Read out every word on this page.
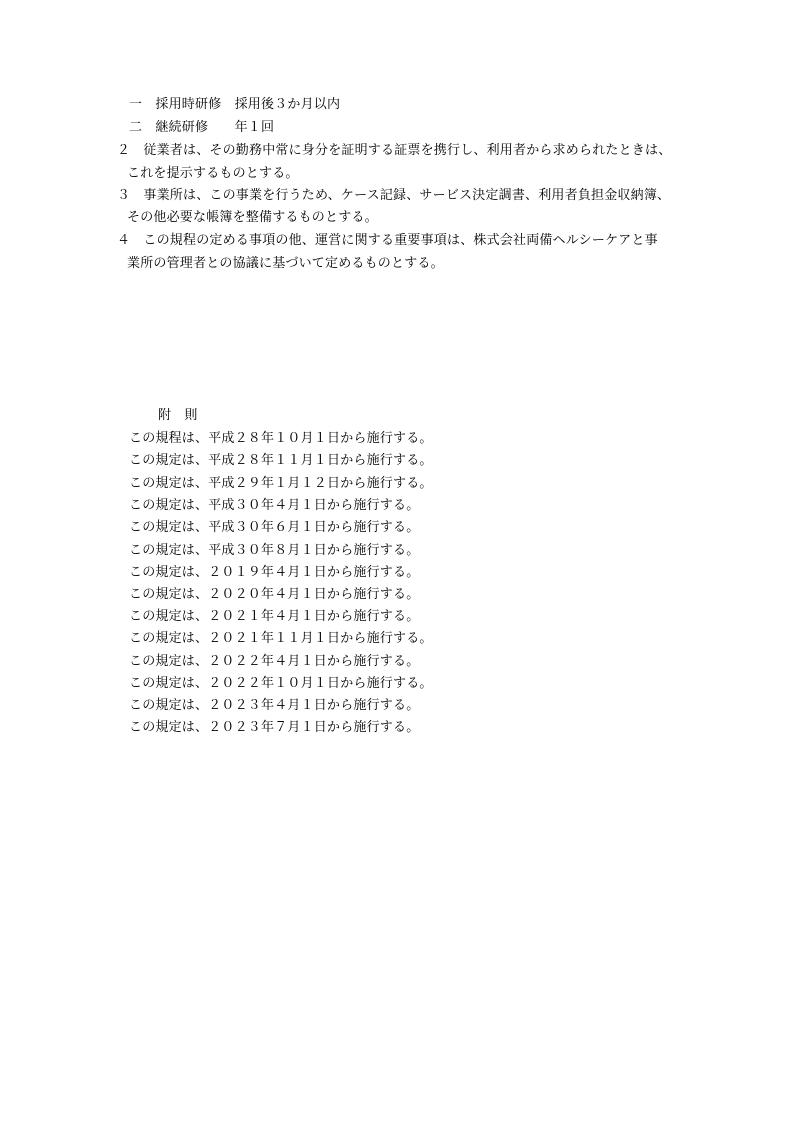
一　採用時研修　採用後３か月以内
二　継続研修　　年１回
２　従業者は、その勤務中常に身分を証明する証票を携行し、利用者から求められたときは、
これを提示するものとする。
３　事業所は、この事業を行うため、ケース記録、サービス決定調書、利用者負担金収納簿、
その他必要な帳簿を整備するものとする。
４　この規程の定める事項の他、運営に関する重要事項は、株式会社両備ヘルシーケアと事
業所の管理者との協議に基づいて定めるものとする。
附　則
この規程は、平成２８年１０月１日から施行する。
この規定は、平成２８年１１月１日から施行する。
この規定は、平成２９年１月１２日から施行する。
この規定は、平成３０年４月１日から施行する。
この規定は、平成３０年６月１日から施行する。
この規定は、平成３０年８月１日から施行する。
この規定は、２０１９年４月１日から施行する。
この規定は、２０２０年４月１日から施行する。
この規定は、２０２１年４月１日から施行する。
この規定は、２０２１年１１月１日から施行する。
この規定は、２０２２年４月１日から施行する。
この規定は、２０２２年１０月１日から施行する。
この規定は、２０２３年４月１日から施行する。
この規定は、２０２３年７月１日から施行する。
